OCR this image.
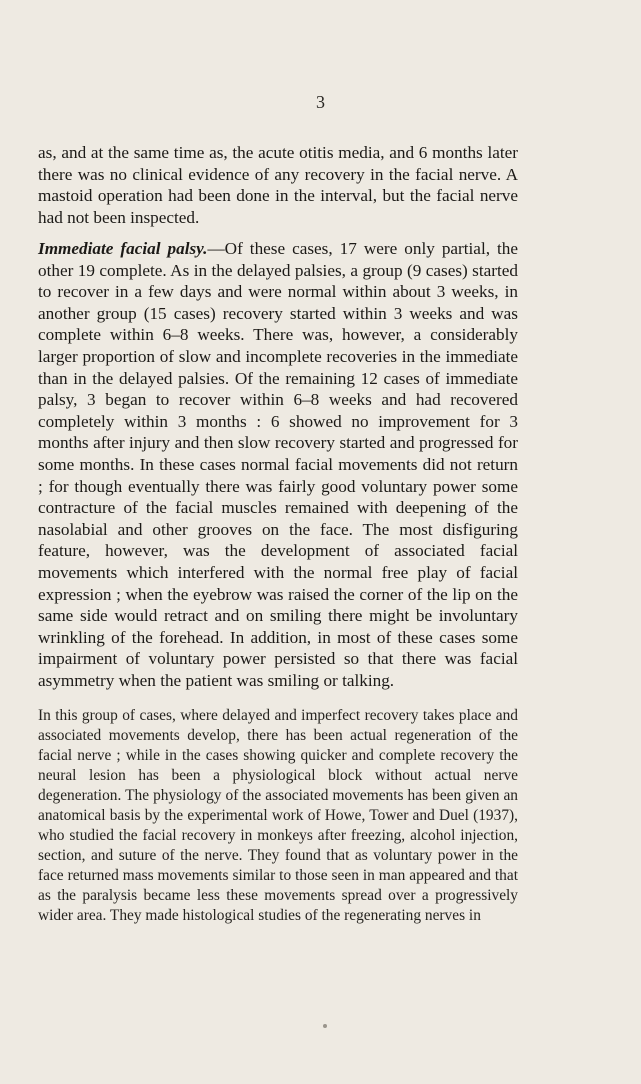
3

as, and at the same time as, the acute otitis media, and 6 months later there was no clinical evidence of any recovery in the facial nerve. A mastoid operation had been done in the interval, but the facial nerve had not been inspected.

Immediate facial palsy.—Of these cases, 17 were only partial, the other 19 complete. As in the delayed palsies, a group (9 cases) started to recover in a few days and were normal within about 3 weeks, in another group (15 cases) recovery started within 3 weeks and was complete within 6–8 weeks. There was, however, a considerably larger proportion of slow and incomplete recoveries in the immediate than in the delayed palsies. Of the remaining 12 cases of immediate palsy, 3 began to recover within 6–8 weeks and had recovered completely within 3 months : 6 showed no improvement for 3 months after injury and then slow recovery started and progressed for some months. In these cases normal facial movements did not return ; for though eventually there was fairly good voluntary power some contracture of the facial muscles remained with deepening of the nasolabial and other grooves on the face. The most disfiguring feature, however, was the development of associated facial movements which interfered with the normal free play of facial expression ; when the eyebrow was raised the corner of the lip on the same side would retract and on smiling there might be involuntary wrinkling of the forehead. In addition, in most of these cases some impairment of voluntary power persisted so that there was facial asymmetry when the patient was smiling or talking.

In this group of cases, where delayed and imperfect recovery takes place and associated movements develop, there has been actual regeneration of the facial nerve ; while in the cases showing quicker and complete recovery the neural lesion has been a physiological block without actual nerve degeneration. The physiology of the associated movements has been given an anatomical basis by the experimental work of Howe, Tower and Duel (1937), who studied the facial recovery in monkeys after freezing, alcohol injection, section, and suture of the nerve. They found that as voluntary power in the face returned mass movements similar to those seen in man appeared and that as the paralysis became less these movements spread over a progressively wider area. They made histological studies of the regenerating nerves in
